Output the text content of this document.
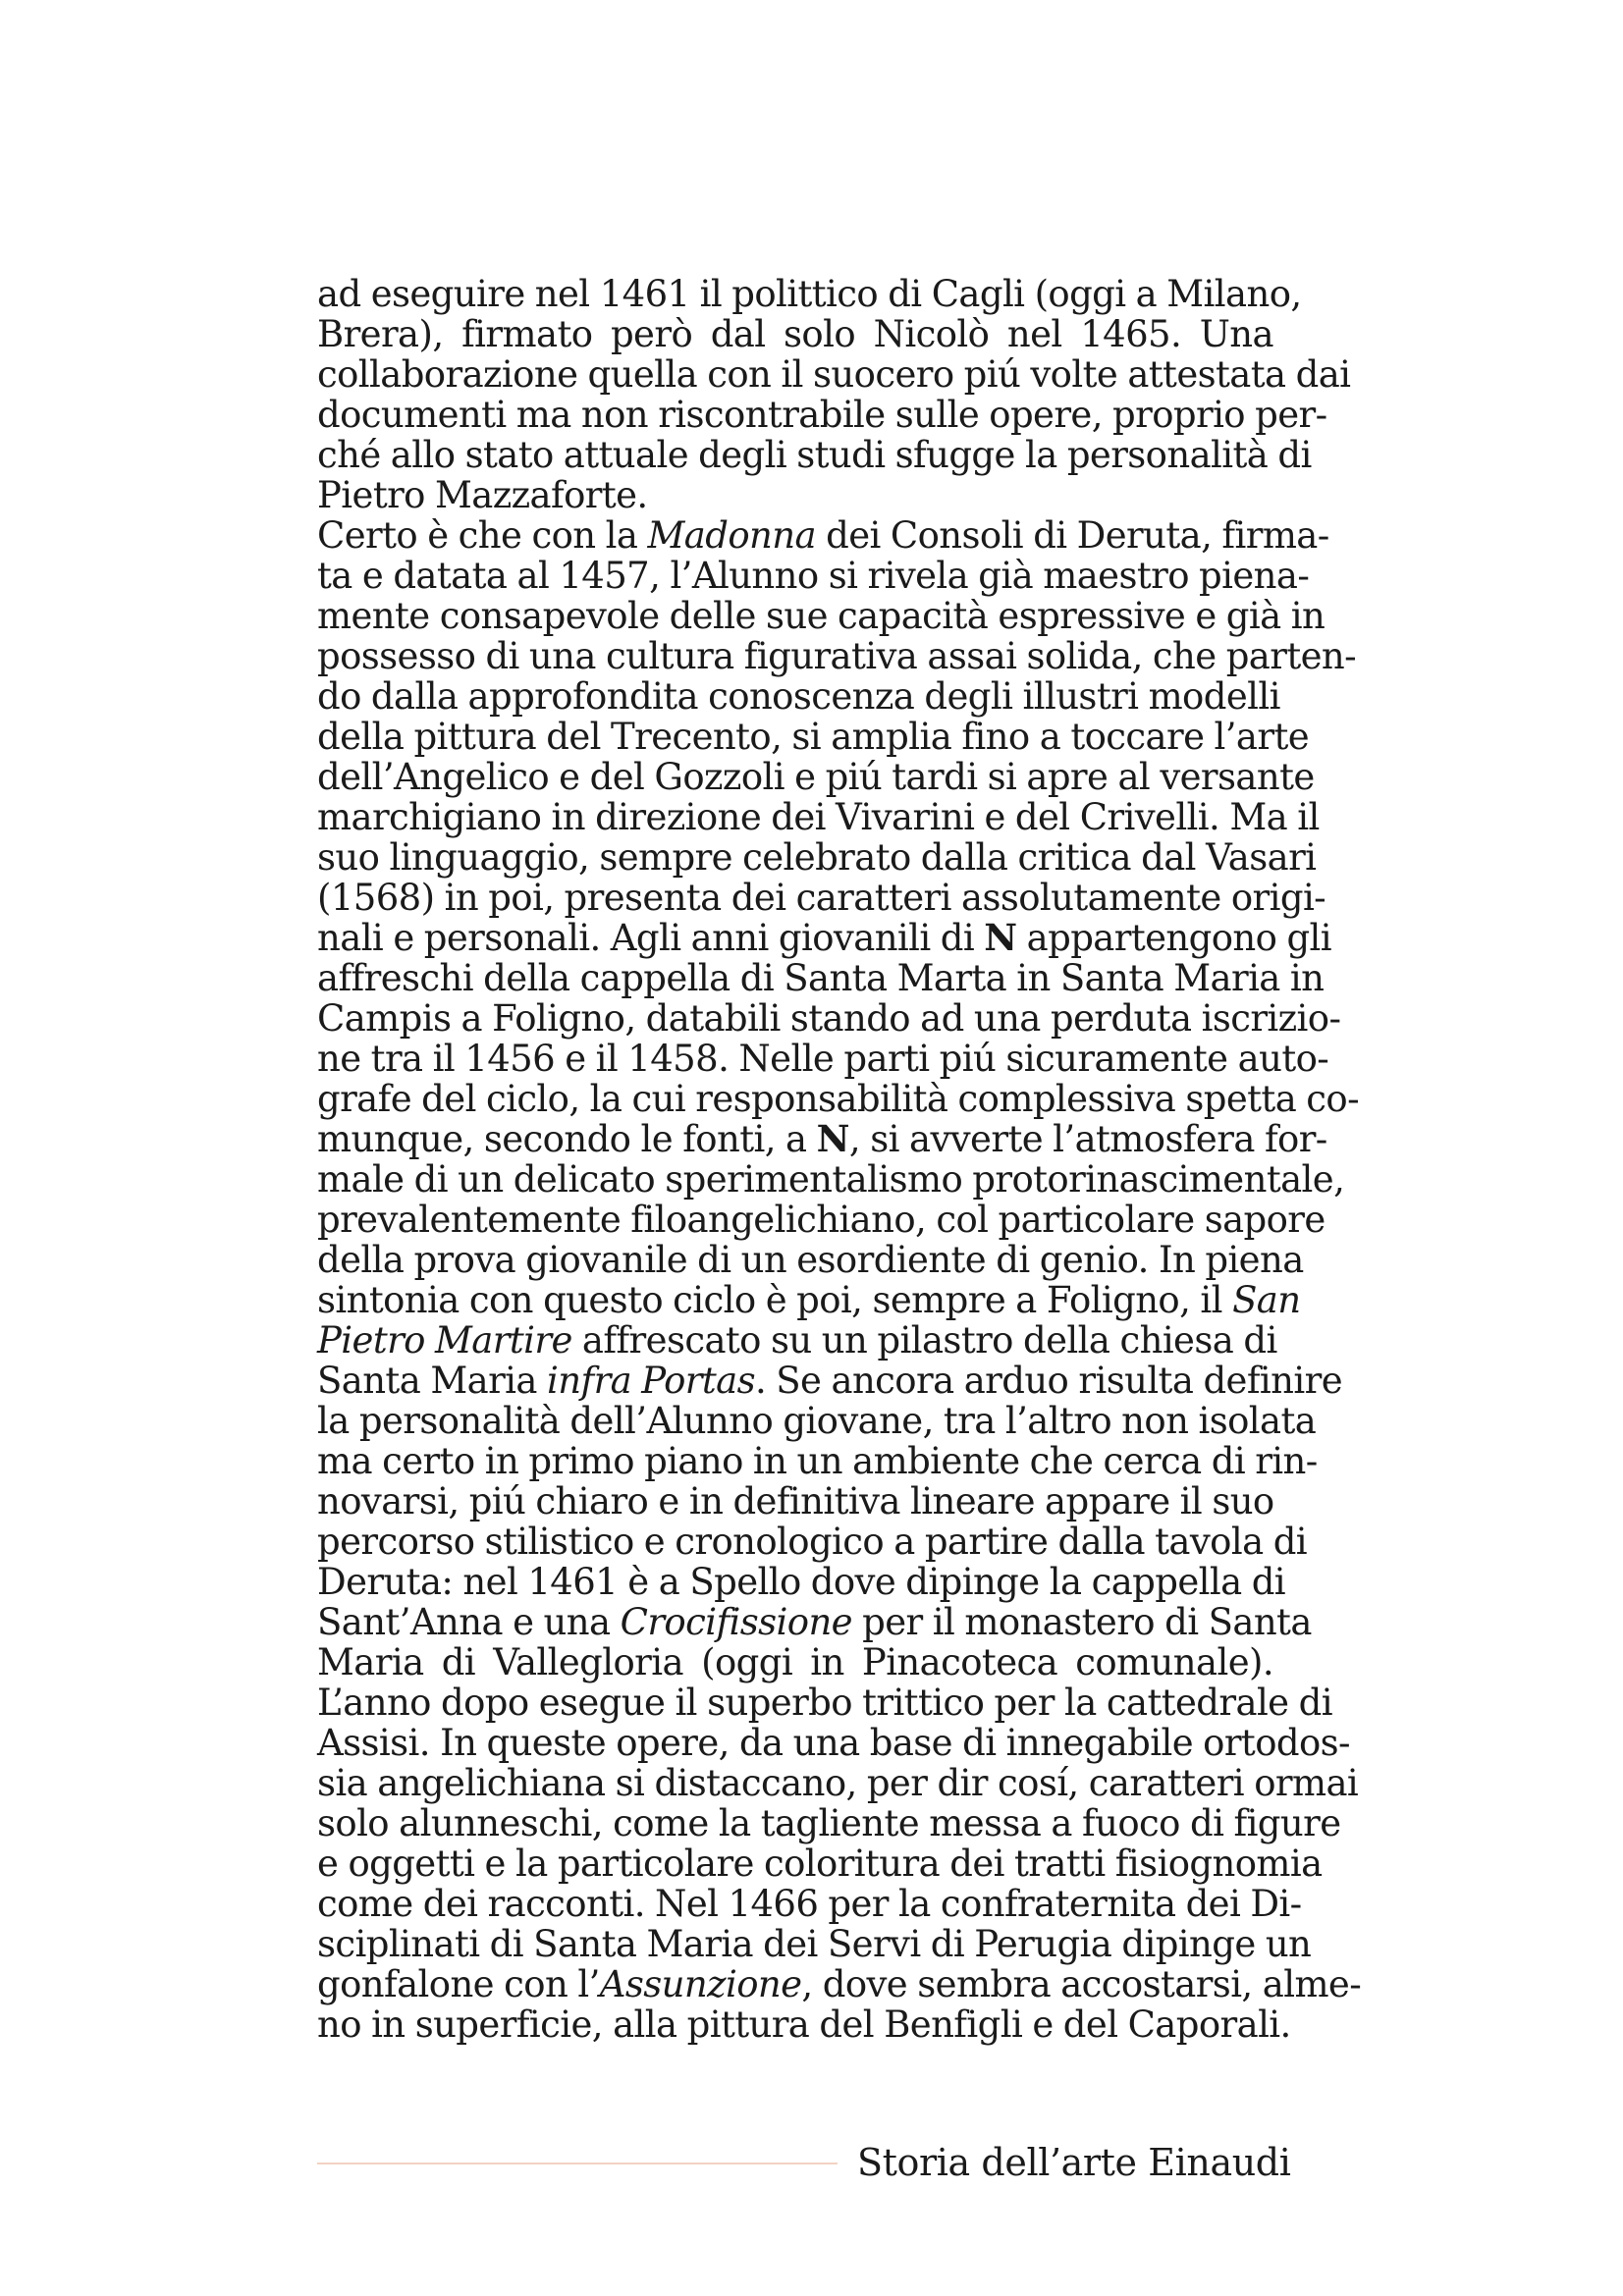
ad eseguire nel 1461 il polittico di Cagli (oggi a Milano,
Brera), firmato però dal solo Nicolò nel 1465. Una
collaborazione quella con il suocero piú volte attestata dai
documenti ma non riscontrabile sulle opere, proprio per-
ché allo stato attuale degli studi sfugge la personalità di
Pietro Mazzaforte.
Certo è che con la Madonna dei Consoli di Deruta, firma-
ta e datata al 1457, l’Alunno si rivela già maestro piena-
mente consapevole delle sue capacità espressive e già in
possesso di una cultura figurativa assai solida, che parten-
do dalla approfondita conoscenza degli illustri modelli
della pittura del Trecento, si amplia fino a toccare l’arte
dell’Angelico e del Gozzoli e piú tardi si apre al versante
marchigiano in direzione dei Vivarini e del Crivelli. Ma il
suo linguaggio, sempre celebrato dalla critica dal Vasari
(1568) in poi, presenta dei caratteri assolutamente origi-
nali e personali. Agli anni giovanili di N appartengono gli
affreschi della cappella di Santa Marta in Santa Maria in
Campis a Foligno, databili stando ad una perduta iscrizio-
ne tra il 1456 e il 1458. Nelle parti piú sicuramente auto-
grafe del ciclo, la cui responsabilità complessiva spetta co-
munque, secondo le fonti, a N, si avverte l’atmosfera for-
male di un delicato sperimentalismo protorinascimentale,
prevalentemente filoangelichiano, col particolare sapore
della prova giovanile di un esordiente di genio. In piena
sintonia con questo ciclo è poi, sempre a Foligno, il San
Pietro Martire affrescato su un pilastro della chiesa di
Santa Maria infra Portas. Se ancora arduo risulta definire
la personalità dell’Alunno giovane, tra l’altro non isolata
ma certo in primo piano in un ambiente che cerca di rin-
novarsi, piú chiaro e in definitiva lineare appare il suo
percorso stilistico e cronologico a partire dalla tavola di
Deruta: nel 1461 è a Spello dove dipinge la cappella di
Sant’Anna e una Crocifissione per il monastero di Santa
Maria di Vallegloria (oggi in Pinacoteca comunale).
L’anno dopo esegue il superbo trittico per la cattedrale di
Assisi. In queste opere, da una base di innegabile ortodos-
sia angelichiana si distaccano, per dir cosí, caratteri ormai
solo alunneschi, come la tagliente messa a fuoco di figure
e oggetti e la particolare coloritura dei tratti fisiognomia
come dei racconti. Nel 1466 per la confraternita dei Di-
sciplinati di Santa Maria dei Servi di Perugia dipinge un
gonfalone con l’Assunzione, dove sembra accostarsi, alme-
no in superficie, alla pittura del Benfigli e del Caporali.
Storia dell’arte Einaudi
